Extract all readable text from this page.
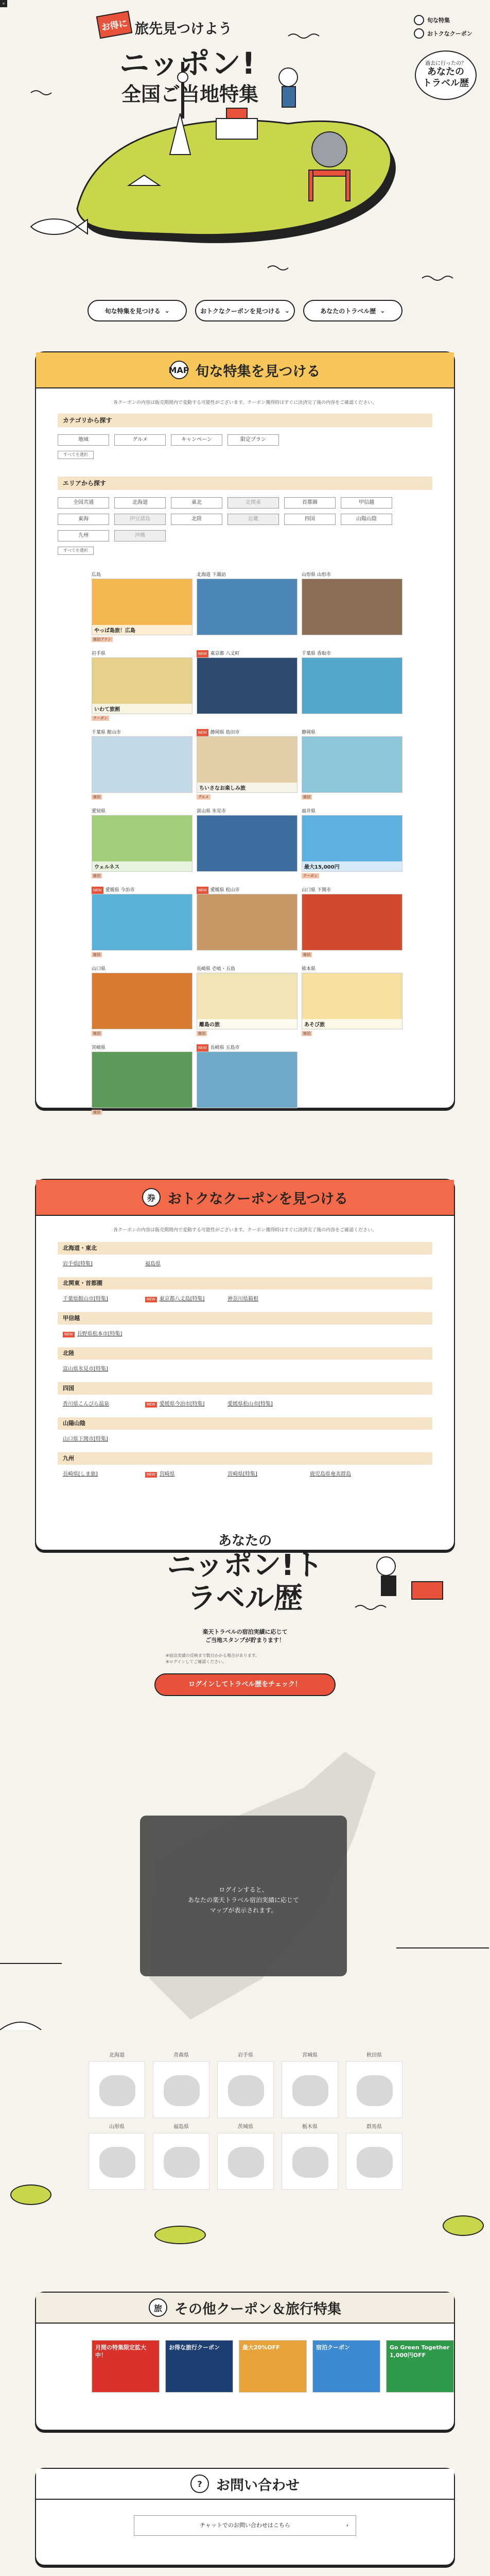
×
お得に 旅先見つけよう
ニッポン!
全国ご当地特集
旬な特集
おトクなクーポン
過去に行ったの？
あなたの
トラベル歴
旬な特集を見つける ⌄	おトクなクーポンを見つける ⌄	あなたのトラベル歴 ⌄
MAP 旬な特集を見つける
各クーポンの内容は販売期間内で変動する可能性がございます。クーポン獲得時はすぐに決済完了後の内容をご確認ください。
カテゴリから探す
地域	グルメ	キャンペーン	限定プラン
すべてを選択
エリアから探す
全国共通	北海道	東北	北関東	首都圏	甲信越
東海	伊豆諸島	北陸	近畿	四国	山陽山陰
九州	沖縄
すべてを選択
広島
やっぱ島旅！広島
宿泊プラン
北海道 下諏訪	山形県 山形市
岩手県
いわて旅割
クーポン
NEW 東京都 八丈町	千葉県 香取市
千葉県 館山市
宿泊
NEW 静岡県 島田市
ちいさなお楽しみ旅
グルメ
静岡県
宿泊
愛知県
ウェルネス
宿泊
富山県 氷見市	福井県
最大15,000円
クーポン
NEW 愛媛県 今治市
宿泊
NEW 愛媛県 松山市	山口県 下関市
宿泊
山口県
宿泊
長崎県 壱岐・五島
離島の旅
宿泊
熊本県
あそび旅
宿泊
宮崎県
宿泊
NEW 長崎県 五島市
券 おトクなクーポンを見つける
各クーポンの内容は販売期間内で変動する可能性がございます。クーポン獲得時はすぐに決済完了後の内容をご確認ください。
北海道・東北
岩手県[特集]	福島県
北関東・首都圏
千葉県館山市[特集]	NEW 東京都八丈島[特集]	神奈川県箱根
甲信越
NEW 長野県松本市[特集]
北陸
富山県氷見市[特集]
四国
香川県こんぴら温泉	NEW 愛媛県今治市[特集]	愛媛県松山市[特集]
山陽山陰
山口県下関市[特集]
九州
長崎県[しま旅]	NEW 宮崎県	宮崎県[特集]	鹿児島県奄美群島
あなたの
ニッポン!トラベル歴
楽天トラベルの宿泊実績に応じて
ご当地スタンプが貯まります！
※宿泊実績の反映まで数日かかる場合があります。
※ログインしてご確認ください。
ログインしてトラベル歴をチェック！
ログインすると、
あなたの楽天トラベル宿泊実績に応じて
マップが表示されます。
北海道	青森県	岩手県	宮城県	秋田県
山形県	福島県	茨城県	栃木県	群馬県
旅 その他クーポン＆旅行特集
月間の特集限定拡大中！
お得な旅行クーポン	最大20%OFF	宿泊クーポン	Go Green Together 1,000円OFF
?	お問い合わせ
チャットでのお問い合わせはこちら	›
